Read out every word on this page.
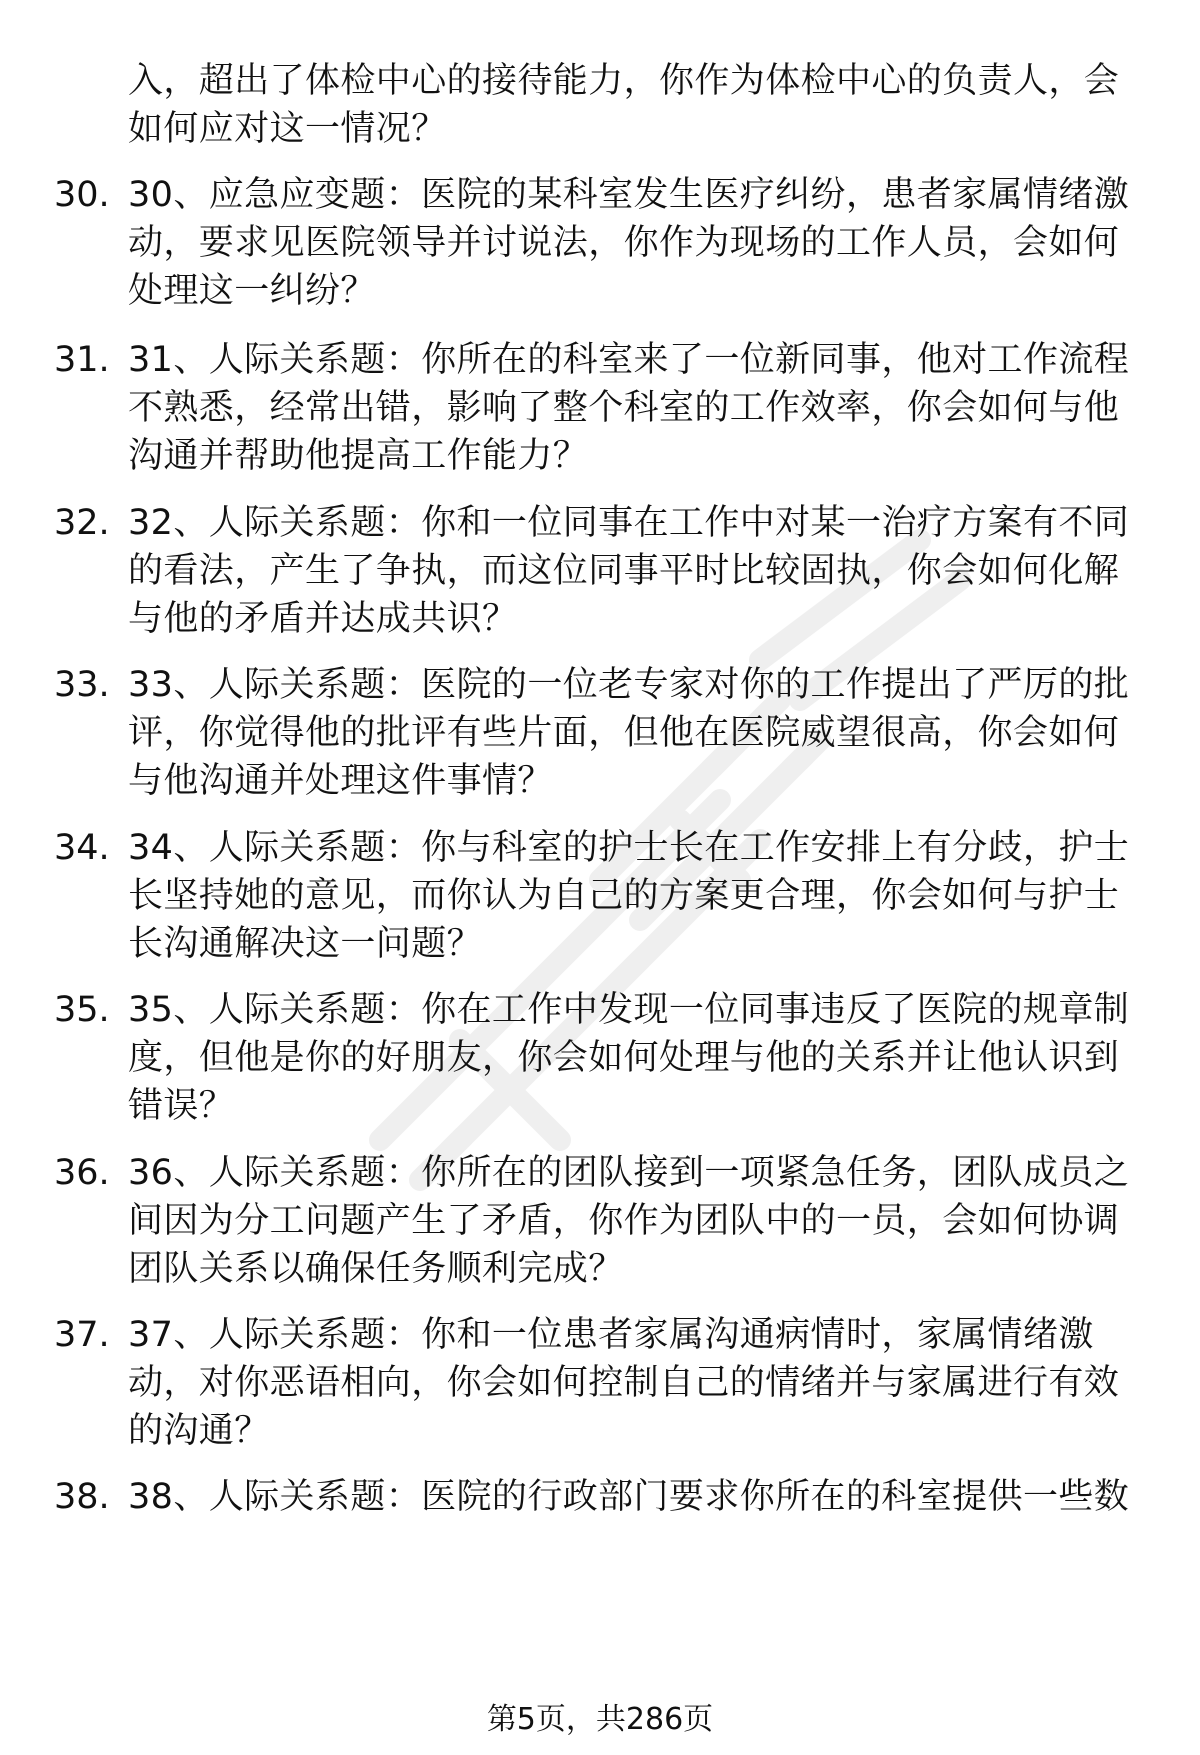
入，超出了体检中心的接待能力，你作为体检中心的负责人，会
如何应对这一情况？
30. 30、应急应变题：医院的某科室发生医疗纠纷，患者家属情绪激
动，要求见医院领导并讨说法，你作为现场的工作人员，会如何
处理这一纠纷？
31. 31、人际关系题：你所在的科室来了一位新同事，他对工作流程
不熟悉，经常出错，影响了整个科室的工作效率，你会如何与他
沟通并帮助他提高工作能力？
32. 32、人际关系题：你和一位同事在工作中对某一治疗方案有不同
的看法，产生了争执，而这位同事平时比较固执，你会如何化解
与他的矛盾并达成共识？
33. 33、人际关系题：医院的一位老专家对你的工作提出了严厉的批
评，你觉得他的批评有些片面，但他在医院威望很高，你会如何
与他沟通并处理这件事情？
34. 34、人际关系题：你与科室的护士长在工作安排上有分歧，护士
长坚持她的意见，而你认为自己的方案更合理，你会如何与护士
长沟通解决这一问题？
35. 35、人际关系题：你在工作中发现一位同事违反了医院的规章制
度，但他是你的好朋友，你会如何处理与他的关系并让他认识到
错误？
36. 36、人际关系题：你所在的团队接到一项紧急任务，团队成员之
间因为分工问题产生了矛盾，你作为团队中的一员，会如何协调
团队关系以确保任务顺利完成？
37. 37、人际关系题：你和一位患者家属沟通病情时，家属情绪激
动，对你恶语相向，你会如何控制自己的情绪并与家属进行有效
的沟通？
38. 38、人际关系题：医院的行政部门要求你所在的科室提供一些数
第5页，共286页
